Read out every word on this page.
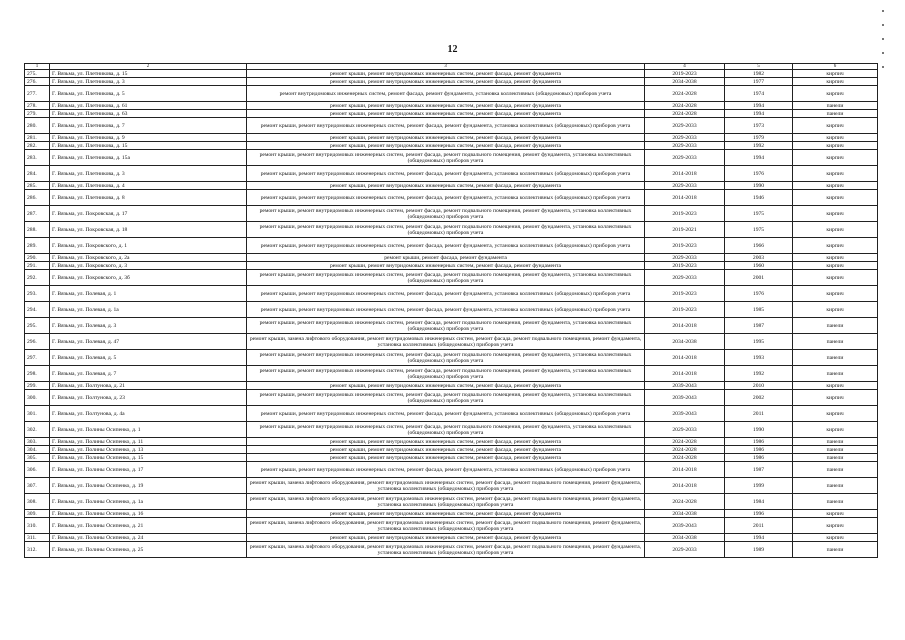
12
1	2	3	4	5	6
275.	Г. Вязьма, ул. Плетникова, д. 15	ремонт крыши, ремонт внутридомовых инженерных систем, ремонт фасада, ремонт фундамента	2019-2023	1982	кирпич
276.	Г. Вязьма, ул. Плетникова, д. 3	ремонт крыши, ремонт внутридомовых инженерных систем, ремонт фасада, ремонт фундамента	2034-2038	1977	кирпич
277.	Г. Вязьма, ул. Плетникова, д. 5	ремонт внутридомовых инженерных систем, ремонт фасада, ремонт фундамента, установка коллективных (общедомовых) приборов учета	2024-2028	1974	кирпич
278.	Г. Вязьма, ул. Плетникова, д. 61	ремонт крыши, ремонт внутридомовых инженерных систем, ремонт фасада, ремонт фундамента	2024-2028	1994	панели
279.	Г. Вязьма, ул. Плетникова, д. 63	ремонт крыши, ремонт внутридомовых инженерных систем, ремонт фасада, ремонт фундамента	2024-2028	1994	панели
280.	Г. Вязьма, ул. Плетникова, д. 7	ремонт крыши, ремонт внутридомовых инженерных систем, ремонт фасада, ремонт фундамента, установка коллективных (общедомовых) приборов учета	2029-2033	1973	кирпич
281.	Г. Вязьма, ул. Плетникова, д. 9	ремонт крыши, ремонт внутридомовых инженерных систем, ремонт фасада, ремонт фундамента	2029-2033	1979	кирпич
282.	Г. Вязьма, ул. Плетникова, д. 15	ремонт крыши, ремонт внутридомовых инженерных систем, ремонт фасада, ремонт фундамента	2029-2033	1992	кирпич
283.	Г. Вязьма, ул. Плетникова, д. 15а	ремонт крыши, ремонт внутридомовых инженерных систем, ремонт фасада, ремонт подвального помещения, ремонт фундамента, установка коллективных (общедомовых) приборов учета	2029-2033	1994	кирпич
284.	Г. Вязьма, ул. Плетникова, д. 3	ремонт крыши, ремонт внутридомовых инженерных систем, ремонт фасада, ремонт фундамента, установка коллективных (общедомовых) приборов учета	2014-2018	1976	кирпич
285.	Г. Вязьма, ул. Плетникова, д. 4	ремонт крыши, ремонт внутридомовых инженерных систем, ремонт фасада, ремонт фундамента	2029-2033	1990	кирпич
286.	Г. Вязьма, ул. Плетникова, д. 8	ремонт крыши, ремонт внутридомовых инженерных систем, ремонт фасада, ремонт фундамента, установка коллективных (общедомовых) приборов учета	2014-2018	1946	кирпич
287.	Г. Вязьма, ул. Покровская, д. 17	ремонт крыши, ремонт внутридомовых инженерных систем, ремонт фасада, ремонт подвального помещения, ремонт фундамента, установка коллективных (общедомовых) приборов учета	2019-2023	1975	кирпич
288.	Г. Вязьма, ул. Покровская, д. 18	ремонт крыши, ремонт внутридомовых инженерных систем, ремонт фасада, ремонт подвального помещения, ремонт фундамента, установка коллективных (общедомовых) приборов учета	2019-2021	1975	кирпич
289.	Г. Вязьма, ул. Покровского, д. 1	ремонт крыши, ремонт внутридомовых инженерных систем, ремонт фасада, ремонт фундамента, установка коллективных (общедомовых) приборов учета	2019-2023	1966	кирпич
290.	Г. Вязьма, ул. Покровского, д. 2а	ремонт крыши, ремонт фасада, ремонт фундамента	2029-2033	2003	кирпич
291.	Г. Вязьма, ул. Покровского, д. 3	ремонт крыши, ремонт внутридомовых инженерных систем, ремонт фасада, ремонт фундамента	2019-2023	1960	кирпич
292.	Г. Вязьма, ул. Покровского, д. 3б	ремонт крыши, ремонт внутридомовых инженерных систем, ремонт фасада, ремонт подвального помещения, ремонт фундамента, установка коллективных (общедомовых) приборов учета	2029-2033	2001	кирпич
293.	Г. Вязьма, ул. Полевая, д. 1	ремонт крыши, ремонт внутридомовых инженерных систем, ремонт фасада, ремонт фундамента, установка коллективных (общедомовых) приборов учета	2019-2023	1976	кирпич
294.	Г. Вязьма, ул. Полевая, д. 1а	ремонт крыши, ремонт внутридомовых инженерных систем, ремонт фасада, ремонт фундамента, установка коллективных (общедомовых) приборов учета	2019-2023	1985	кирпич
295.	Г. Вязьма, ул. Полевая, д. 3	ремонт крыши, ремонт внутридомовых инженерных систем, ремонт фасада, ремонт подвального помещения, ремонт фундамента, установка коллективных (общедомовых) приборов учета	2014-2018	1987	панели
296.	Г. Вязьма, ул. Полевая, д. 47	ремонт крыши, замена лифтового оборудования, ремонт внутридомовых инженерных систем, ремонт фасада, ремонт подвального помещения, ремонт фундамента, установка коллективных (общедомовых) приборов учета	2034-2038	1995	панели
297.	Г. Вязьма, ул. Полевая, д. 5	ремонт крыши, ремонт внутридомовых инженерных систем, ремонт фасада, ремонт подвального помещения, ремонт фундамента, установка коллективных (общедомовых) приборов учета	2014-2018	1993	панели
298.	Г. Вязьма, ул. Полевая, д. 7	ремонт крыши, ремонт внутридомовых инженерных систем, ремонт фасада, ремонт подвального помещения, ремонт фундамента, установка коллективных (общедомовых) приборов учета	2014-2018	1992	панели
299.	Г. Вязьма, ул. Полтунова, д. 21	ремонт крыши, ремонт внутридомовых инженерных систем, ремонт фасада, ремонт фундамента	2039-2043	2010	кирпич
300.	Г. Вязьма, ул. Полтунова, д. 23	ремонт крыши, ремонт внутридомовых инженерных систем, ремонт фасада, ремонт подвального помещения, ремонт фундамента, установка коллективных (общедомовых) приборов учета	2039-2043	2002	кирпич
301.	Г. Вязьма, ул. Полтунова, д. 4а	ремонт крыши, ремонт внутридомовых инженерных систем, ремонт фасада, ремонт фундамента, установка коллективных (общедомовых) приборов учета	2039-2043	2011	кирпич
302.	Г. Вязьма, ул. Полины Осипенко, д. 1	ремонт крыши, ремонт внутридомовых инженерных систем, ремонт фасада, ремонт подвального помещения, ремонт фундамента, установка коллективных (общедомовых) приборов учета	2029-2033	1990	кирпич
303.	Г. Вязьма, ул. Полины Осипенко, д. 11	ремонт крыши, ремонт внутридомовых инженерных систем, ремонт фасада, ремонт фундамента	2024-2028	1986	панели
304.	Г. Вязьма, ул. Полины Осипенко, д. 13	ремонт крыши, ремонт внутридомовых инженерных систем, ремонт фасада, ремонт фундамента	2024-2028	1986	панели
305.	Г. Вязьма, ул. Полины Осипенко, д. 15	ремонт крыши, ремонт внутридомовых инженерных систем, ремонт фасада, ремонт фундамента	2024-2028	1986	панели
306.	Г. Вязьма, ул. Полины Осипенко, д. 17	ремонт крыши, ремонт внутридомовых инженерных систем, ремонт фасада, ремонт фундамента, установка коллективных (общедомовых) приборов учета	2014-2018	1987	панели
307.	Г. Вязьма, ул. Полины Осипенко, д. 19	ремонт крыши, замена лифтового оборудования, ремонт внутридомовых инженерных систем, ремонт фасада, ремонт подвального помещения, ремонт фундамента, установка коллективных (общедомовых) приборов учета	2014-2018	1999	панели
308.	Г. Вязьма, ул. Полины Осипенко, д. 1а	ремонт крыши, замена лифтового оборудования, ремонт внутридомовых инженерных систем, ремонт фасада, ремонт подвального помещения, ремонт фундамента, установка коллективных (общедомовых) приборов учета	2024-2028	1984	панели
309.	Г. Вязьма, ул. Полины Осипенко, д. 16	ремонт крыши, ремонт внутридомовых инженерных систем, ремонт фасада, ремонт фундамента	2034-2038	1996	кирпич
310.	Г. Вязьма, ул. Полины Осипенко, д. 21	ремонт крыши, замена лифтового оборудования, ремонт внутридомовых инженерных систем, ремонт фасада, ремонт подвального помещения, ремонт фундамента, установка коллективных (общедомовых) приборов учета	2039-2043	2011	кирпич
311.	Г. Вязьма, ул. Полины Осипенко, д. 24	ремонт крыши, ремонт внутридомовых инженерных систем, ремонт фасада, ремонт фундамента	2034-2038	1994	кирпич
312.	Г. Вязьма, ул. Полины Осипенко, д. 25	ремонт крыши, замена лифтового оборудования, ремонт внутридомовых инженерных систем, ремонт фасада, ремонт подвального помещения, ремонт фундамента, установка коллективных (общедомовых) приборов учета	2029-2033	1989	панели
